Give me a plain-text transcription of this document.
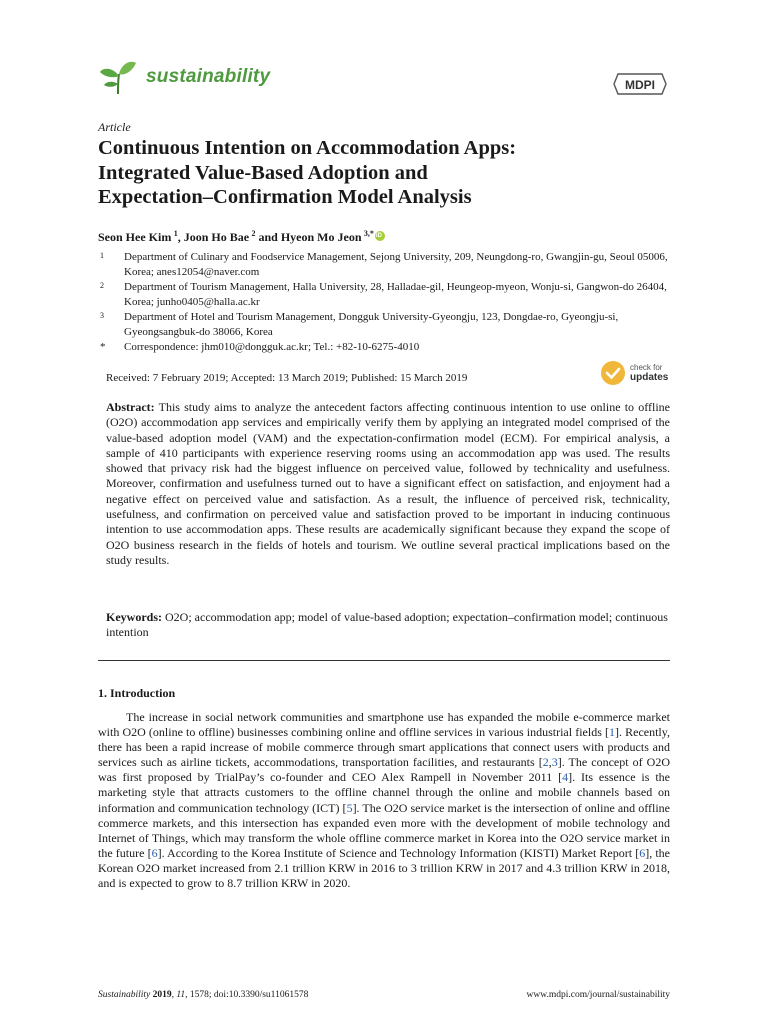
sustainability	MDPI
Article
Continuous Intention on Accommodation Apps:
Integrated Value-Based Adoption and
Expectation–Confirmation Model Analysis
Seon Hee Kim  $^1$, Joon Ho Bae  $^2$ and Hyeon Mo Jeon  $^{3,*}$iD
1 Department of Culinary and Foodservice Management, Sejong University, 209, Neungdong-ro, Gwangjin-gu, Seoul 05006, Korea; anes12054@naver.com
2 Department of Tourism Management, Halla University, 28, Halladae-gil, Heungeop-myeon, Wonju-si, Gangwon-do 26404, Korea; junho0405@halla.ac.kr
3 Department of Hotel and Tourism Management, Dongguk University-Gyeongju, 123, Dongdae-ro, Gyeongju-si, Gyeongsangbuk-do 38066, Korea
* Correspondence: jhm010@dongguk.ac.kr; Tel.: +82-10-6275-4010
Received: 7 February 2019; Accepted: 13 March 2019; Published: 15 March 2019
check for
updates
Abstract: This study aims to analyze the antecedent factors affecting continuous intention to use online to offline (O2O) accommodation app services and empirically verify them by applying an integrated model comprised of the value-based adoption model (VAM) and the expectation-confirmation model (ECM). For empirical analysis, a sample of 410 participants with experience reserving rooms using an accommodation app was used. The results showed that privacy risk had the biggest influence on perceived value, followed by technicality and usefulness. Moreover, confirmation and usefulness turned out to have a significant effect on satisfaction, and enjoyment had a negative effect on perceived value and satisfaction. As a result, the influence of perceived risk, technicality, usefulness, and confirmation on perceived value and satisfaction proved to be important in inducing continuous intention to use accommodation apps. These results are academically significant because they expand the scope of O2O business research in the fields of hotels and tourism. We outline several practical implications based on the study results.
Keywords: O2O; accommodation app; model of value-based adoption; expectation–confirmation model; continuous intention
1. Introduction
The increase in social network communities and smartphone use has expanded the mobile e-commerce market with O2O (online to offline) businesses combining online and offline services in various industrial fields [1]. Recently, there has been a rapid increase of mobile commerce through smart applications that connect users with products and services such as airline tickets, accommodations, transportation facilities, and restaurants [2,3]. The concept of O2O was first proposed by TrialPay’s co-founder and CEO Alex Rampell in November 2011 [4]. Its essence is the marketing style that attracts customers to the offline channel through the online and mobile channels based on information and communication technology (ICT) [5]. The O2O service market is the intersection of online and offline commerce markets, and this intersection has expanded even more with the development of mobile technology and Internet of Things, which may transform the whole offline commerce market in Korea into the O2O service market in the future [6]. According to the Korea Institute of Science and Technology Information (KISTI) Market Report [6], the Korean O2O market increased from 2.1 trillion KRW in 2016 to 3 trillion KRW in 2017 and 4.3 trillion KRW in 2018, and is expected to grow to 8.7 trillion KRW in 2020.
Sustainability 2019, 11, 1578; doi:10.3390/su11061578	www.mdpi.com/journal/sustainability
